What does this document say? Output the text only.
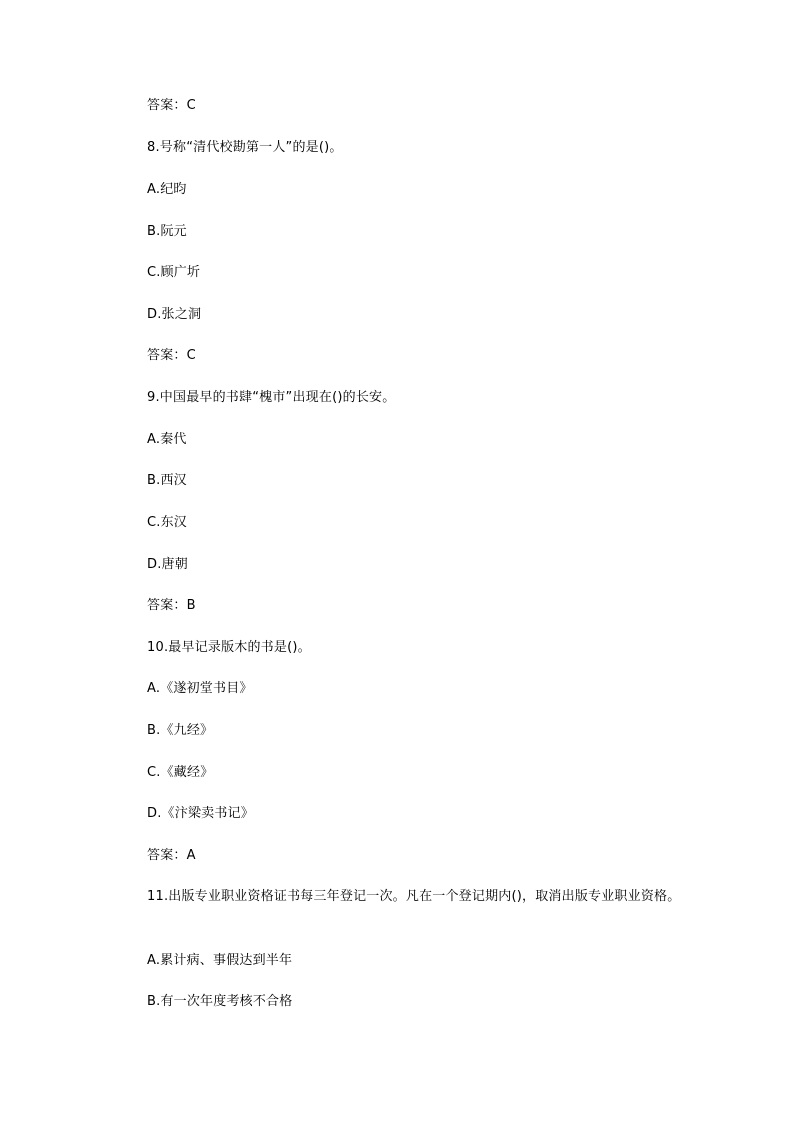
答案：C
8.号称“清代校勘第一人”的是()。
A.纪昀
B.阮元
C.顾广圻
D.张之洞
答案：C
9.中国最早的书肆“槐市”出现在()的长安。
A.秦代
B.西汉
C.东汉
D.唐朝
答案：B
10.最早记录版木的书是()。
A.《遂初堂书目》
B.《九经》
C.《藏经》
D.《汴梁卖书记》
答案：A
11.出版专业职业资格证书每三年登记一次。凡在一个登记期内()，取消出版专业职业资格。
A.累计病、事假达到半年
B.有一次年度考核不合格
